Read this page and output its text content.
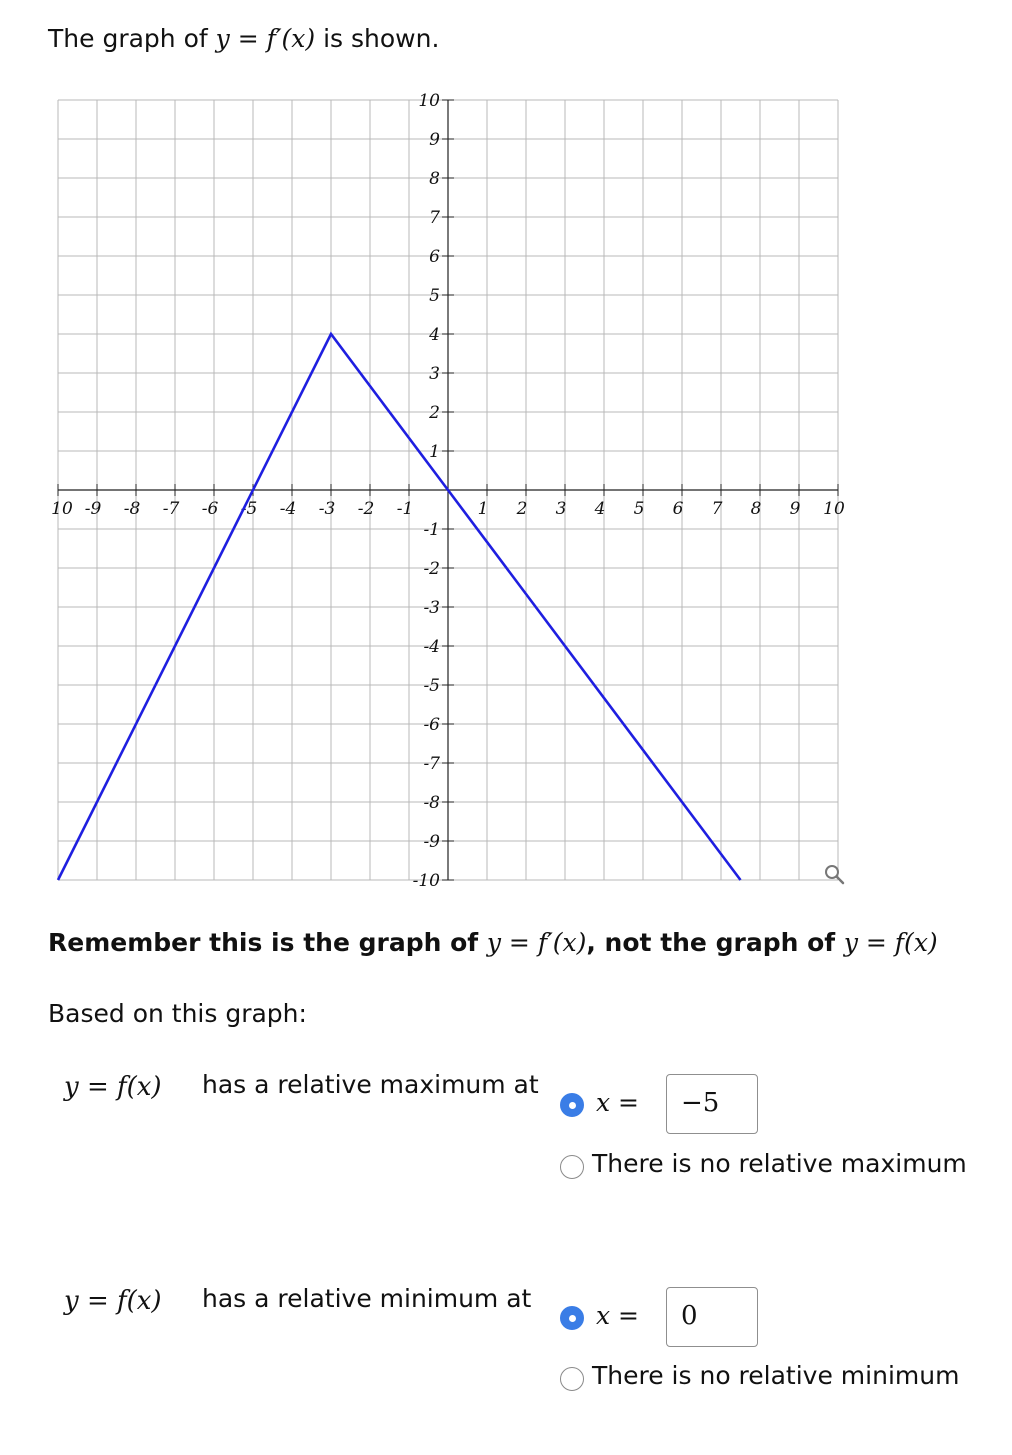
The graph of y = f′(x) is shown.
10 -9 -8 -7 -6 -5 -4 -3 -2 -1	1 2 3 4 5 6 7 8 9 10
10
9
8
7
6
5
4
3
2
1
-1
-2
-3
-4
-5
-6
-7
-8
-9
-10
Remember this is the graph of y = f′(x), not the graph of y = f(x)
Based on this graph:
y = f(x) has a relative maximum at
x =	−5
There is no relative maximum
y = f(x) has a relative minimum at
x =	0
There is no relative minimum
